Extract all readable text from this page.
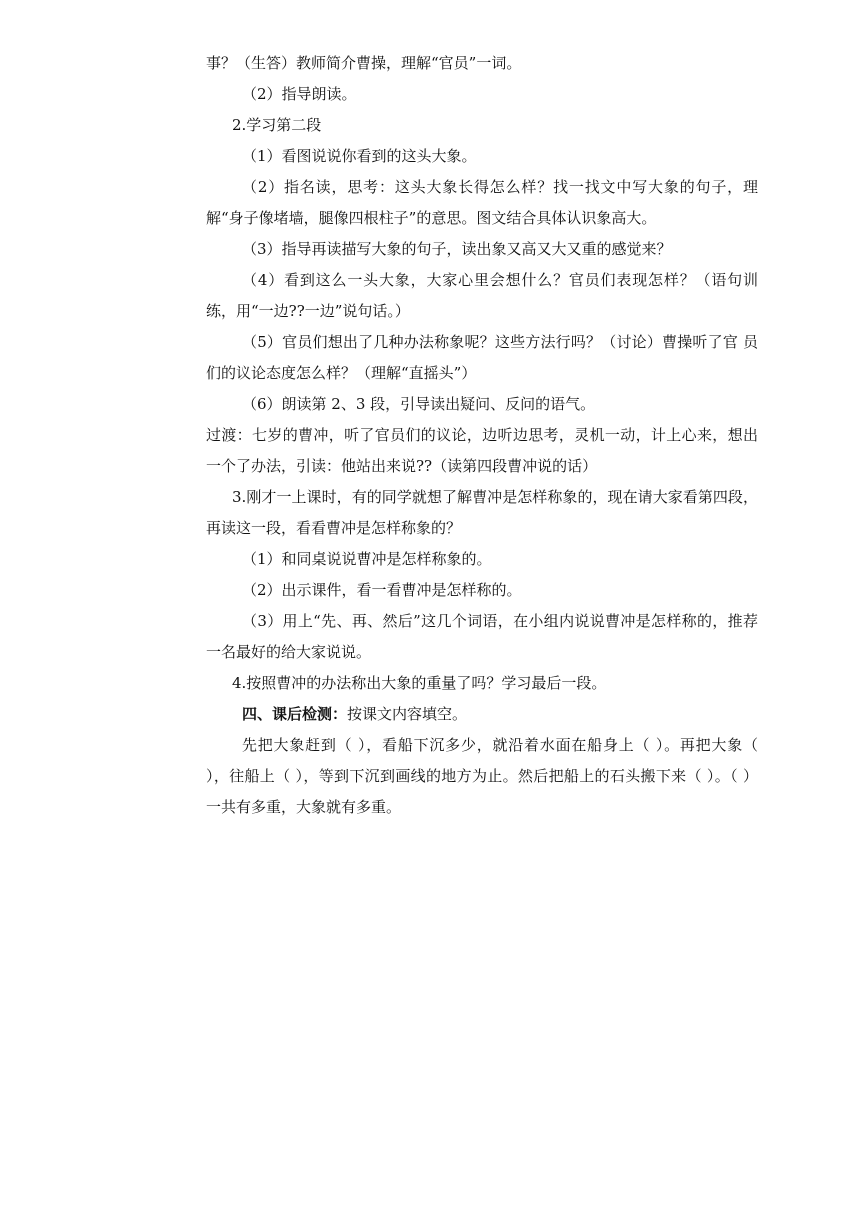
事？（生答）教师简介曹操，理解“官员”一词。

（2）指导朗读。

2.学习第二段

（1）看图说说你看到的这头大象。

（2）指名读，思考：这头大象长得怎么样？找一找文中写大象的句子，理解“身子像堵墙，腿像四根柱子”的意思。图文结合具体认识象高大。

（3）指导再读描写大象的句子，读出象又高又大又重的感觉来？

（4）看到这么一头大象，大家心里会想什么？官员们表现怎样？（语句训练，用“一边??一边”说句话。）

（5）官员们想出了几种办法称象呢？这些方法行吗？（讨论）曹操听了官 员们的议论态度怎么样？（理解“直摇头”）

（6）朗读第 2、3 段，引导读出疑问、反问的语气。

过渡：七岁的曹冲，听了官员们的议论，边听边思考，灵机一动，计上心来，想出一个了办法，引读：他站出来说??（读第四段曹冲说的话）

3.刚才一上课时，有的同学就想了解曹冲是怎样称象的，现在请大家看第四段，再读这一段，看看曹冲是怎样称象的？

（1）和同桌说说曹冲是怎样称象的。

（2）出示课件，看一看曹冲是怎样称的。

（3）用上“先、再、然后”这几个词语，在小组内说说曹冲是怎样称的，推荐一名最好的给大家说说。

4.按照曹冲的办法称出大象的重量了吗？学习最后一段。

四、课后检测：按课文内容填空。

先把大象赶到（ ），看船下沉多少，就沿着水面在船身上（ ）。再把大象（ ），往船上（ ），等到下沉到画线的地方为止。然后把船上的石头搬下来（ ）。（ ）一共有多重，大象就有多重。
